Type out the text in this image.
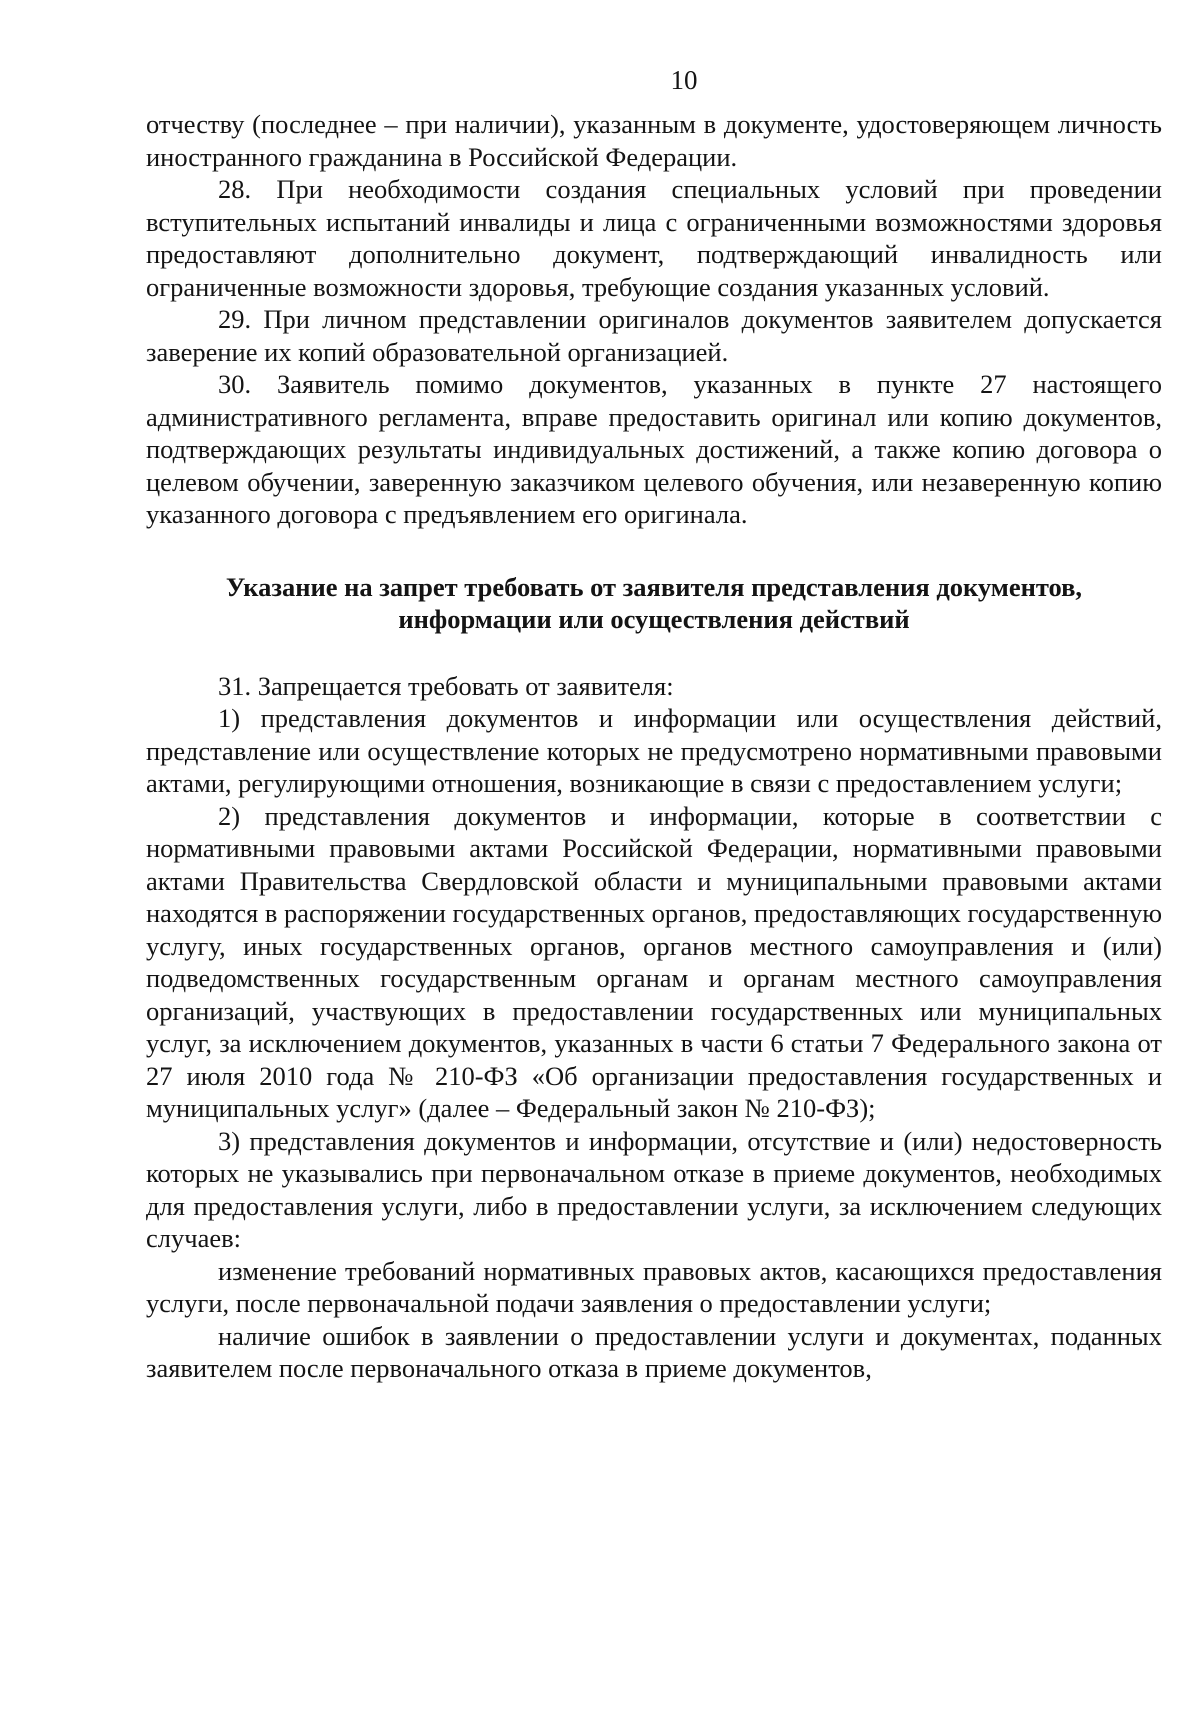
10

отчеству (последнее – при наличии), указанным в документе, удостоверяющем личность иностранного гражданина в Российской Федерации.

28. При необходимости создания специальных условий при проведении вступительных испытаний инвалиды и лица с ограниченными возможностями здоровья предоставляют дополнительно документ, подтверждающий инвалидность или ограниченные возможности здоровья, требующие создания указанных условий.

29. При личном представлении оригиналов документов заявителем допускается заверение их копий образовательной организацией.

30. Заявитель помимо документов, указанных в пункте 27 настоящего административного регламента, вправе предоставить оригинал или копию документов, подтверждающих результаты индивидуальных достижений, а также копию договора о целевом обучении, заверенную заказчиком целевого обучения, или незаверенную копию указанного договора с предъявлением его оригинала.

Указание на запрет требовать от заявителя представления документов,
информации или осуществления действий

31. Запрещается требовать от заявителя:

1) представления документов и информации или осуществления действий, представление или осуществление которых не предусмотрено нормативными правовыми актами, регулирующими отношения, возникающие в связи с предоставлением услуги;

2) представления документов и информации, которые в соответствии с нормативными правовыми актами Российской Федерации, нормативными правовыми актами Правительства Свердловской области и муниципальными правовыми актами находятся в распоряжении государственных органов, предоставляющих государственную услугу, иных государственных органов, органов местного самоуправления и (или) подведомственных государственным органам и органам местного самоуправления организаций, участвующих в предоставлении государственных или муниципальных услуг, за исключением документов, указанных в части 6 статьи 7 Федерального закона от 27 июля 2010 года № 210-ФЗ «Об организации предоставления государственных и муниципальных услуг» (далее – Федеральный закон № 210-ФЗ);

3) представления документов и информации, отсутствие и (или) недостоверность которых не указывались при первоначальном отказе в приеме документов, необходимых для предоставления услуги, либо в предоставлении услуги, за исключением следующих случаев:

изменение требований нормативных правовых актов, касающихся предоставления услуги, после первоначальной подачи заявления о предоставлении услуги;

наличие ошибок в заявлении о предоставлении услуги и документах, поданных заявителем после первоначального отказа в приеме документов,
